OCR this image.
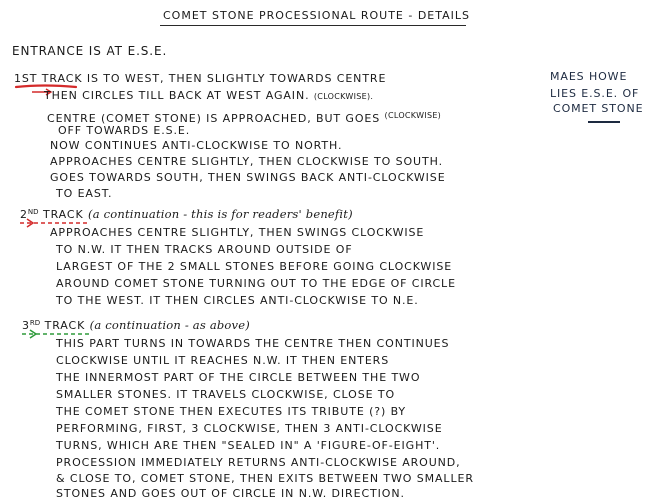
COMET STONE PROCESSIONAL ROUTE - DETAILS
ENTRANCE IS AT E.S.E.
1ST TRACK IS TO WEST, THEN SLIGHTLY TOWARDS CENTRE
THEN CIRCLES TILL BACK AT WEST AGAIN. (CLOCKWISE).
CENTRE (COMET STONE) IS APPROACHED, BUT GOES $^{(CLOCKWISE)}$
OFF TOWARDS E.S.E.
NOW CONTINUES ANTI-CLOCKWISE TO NORTH.
APPROACHES CENTRE SLIGHTLY, THEN CLOCKWISE TO SOUTH.
GOES TOWARDS SOUTH, THEN SWINGS BACK ANTI-CLOCKWISE
TO EAST.
2ND TRACK (a continuation - this is for readers' benefit)
APPROACHES CENTRE SLIGHTLY, THEN SWINGS CLOCKWISE
TO N.W. IT THEN TRACKS AROUND OUTSIDE OF
LARGEST OF THE 2 SMALL STONES BEFORE GOING CLOCKWISE
AROUND COMET STONE TURNING OUT TO THE EDGE OF CIRCLE
TO THE WEST. IT THEN CIRCLES ANTI-CLOCKWISE TO N.E.
3RD TRACK (a continuation - as above)
THIS PART TURNS IN TOWARDS THE CENTRE THEN CONTINUES
CLOCKWISE UNTIL IT REACHES N.W. IT THEN ENTERS
THE INNERMOST PART OF THE CIRCLE BETWEEN THE TWO
SMALLER STONES. IT TRAVELS CLOCKWISE, CLOSE TO
THE COMET STONE THEN EXECUTES ITS TRIBUTE (?) BY
PERFORMING, FIRST, 3 CLOCKWISE, THEN 3 ANTI-CLOCKWISE
TURNS, WHICH ARE THEN "SEALED IN" A 'FIGURE-OF-EIGHT'.
PROCESSION IMMEDIATELY RETURNS ANTI-CLOCKWISE AROUND,
& CLOSE TO, COMET STONE, THEN EXITS BETWEEN TWO SMALLER
STONES AND GOES OUT OF CIRCLE IN N.W. DIRECTION.
MAES HOWE
LIES E.S.E. OF
COMET STONE
